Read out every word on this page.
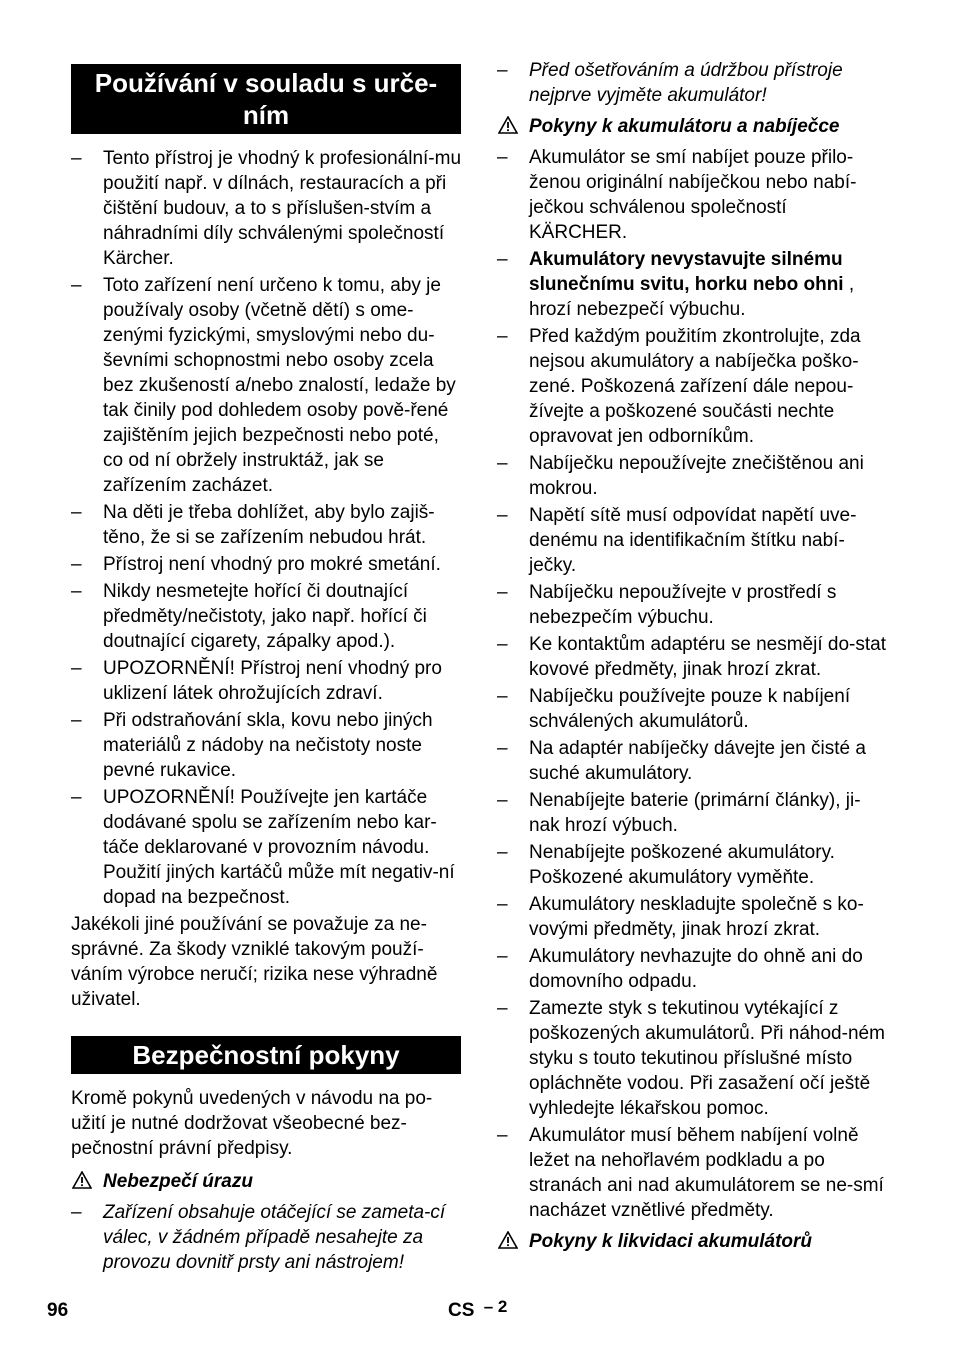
Používání v souladu s urče-ním
– Tento přístroj je vhodný k profesionální-mu použití např. v dílnách, restauracích a při čištění budouv, a to s příslušen-stvím a náhradními díly schválenými společností Kärcher.
– Toto zařízení není určeno k tomu, aby je používaly osoby (včetně dětí) s ome-zenými fyzickými, smyslovými nebo du-ševními schopnostmi nebo osoby zcela bez zkušeností a/nebo znalostí, ledaže by tak činily pod dohledem osoby pově-řené zajištěním jejich bezpečnosti nebo poté, co od ní obržely instruktáž, jak se zařízením zacházet.
– Na děti je třeba dohlížet, aby bylo zajiš-těno, že si se zařízením nebudou hrát.
– Přístroj není vhodný pro mokré smetání.
– Nikdy nesmetejte hořící či doutnající předměty/nečistoty, jako např. hořící či doutnající cigarety, zápalky apod.).
– UPOZORNĚNÍ! Přístroj není vhodný pro uklizení látek ohrožujících zdraví.
– Při odstraňování skla, kovu nebo jiných materiálů z nádoby na nečistoty noste pevné rukavice.
– UPOZORNĚNÍ! Používejte jen kartáče dodávané spolu se zařízením nebo kar-táče deklarované v provozním návodu. Použití jiných kartáčů může mít negativ-ní dopad na bezpečnost.
Jakékoli jiné používání se považuje za ne-správné. Za škody vzniklé takovým použí-váním výrobce neručí; rizika nese výhradně uživatel.
Bezpečnostní pokyny
Kromě pokynů uvedených v návodu na po-užití je nutné dodržovat všeobecné bez-pečnostní právní předpisy.
Nebezpečí úrazu
– Zařízení obsahuje otáčející se zameta-cí válec, v žádném případě nesahejte za provozu dovnitř prsty ani nástrojem!
– Před ošetřováním a údržbou přístroje nejprve vyjměte akumulátor!
Pokyny k akumulátoru a nabíječce
– Akumulátor se smí nabíjet pouze přilo-ženou originální nabíječkou nebo nabí-ječkou schválenou společností KÄRCHER.
– Akumulátory nevystavujte silnému slunečnímu svitu, horku nebo ohni , hrozí nebezpečí výbuchu.
– Před každým použitím zkontrolujte, zda nejsou akumulátory a nabíječka poško-zené. Poškozená zařízení dále nepou-žívejte a poškozené součásti nechte opravovat jen odborníkům.
– Nabíječku nepoužívejte znečištěnou ani mokrou.
– Napětí sítě musí odpovídat napětí uve-denému na identifikačním štítku nabí-ječky.
– Nabíječku nepoužívejte v prostředí s nebezpečím výbuchu.
– Ke kontaktům adaptéru se nesmějí do-stat kovové předměty, jinak hrozí zkrat.
– Nabíječku používejte pouze k nabíjení schválených akumulátorů.
– Na adaptér nabíječky dávejte jen čisté a suché akumulátory.
– Nenabíjejte baterie (primární články), ji-nak hrozí výbuch.
– Nenabíjejte poškozené akumulátory. Poškozené akumulátory vyměňte.
– Akumulátory neskladujte společně s ko-vovými předměty, jinak hrozí zkrat.
– Akumulátory nevhazujte do ohně ani do domovního odpadu.
– Zamezte styk s tekutinou vytékající z poškozených akumulátorů. Při náhod-ném styku s touto tekutinou příslušné místo opláchněte vodou. Při zasažení očí ještě vyhledejte lékařskou pomoc.
– Akumulátor musí během nabíjení volně ležet na nehořlavém podkladu a po stranách ani nad akumulátorem se ne-smí nacházet vznětlivé předměty.
Pokyny k likvidaci akumulátorů
96	CS – 2
